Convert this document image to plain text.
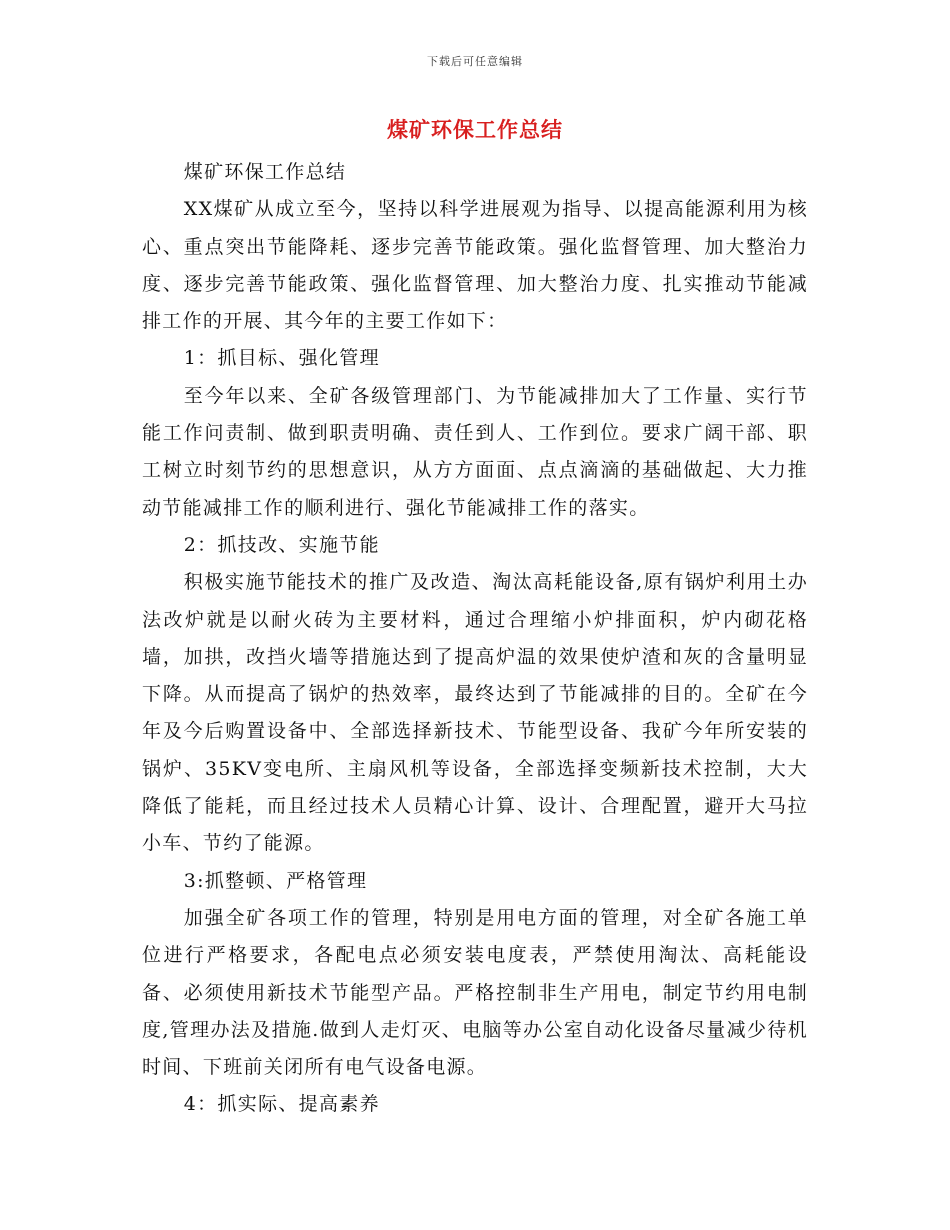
下载后可任意编辑
煤矿环保工作总结

煤矿环保工作总结

XX煤矿从成立至今，坚持以科学进展观为指导、以提高能源利用为核心、重点突出节能降耗、逐步完善节能政策。强化监督管理、加大整治力度、逐步完善节能政策、强化监督管理、加大整治力度、扎实推动节能减排工作的开展、其今年的主要工作如下：

1：抓目标、强化管理

至今年以来、全矿各级管理部门、为节能减排加大了工作量、实行节能工作问责制、做到职责明确、责任到人、工作到位。要求广阔干部、职工树立时刻节约的思想意识，从方方面面、点点滴滴的基础做起、大力推动节能减排工作的顺利进行、强化节能减排工作的落实。

2：抓技改、实施节能

积极实施节能技术的推广及改造、淘汰高耗能设备,原有锅炉利用土办法改炉就是以耐火砖为主要材料，通过合理缩小炉排面积，炉内砌花格墙，加拱，改挡火墙等措施达到了提高炉温的效果使炉渣和灰的含量明显下降。从而提高了锅炉的热效率，最终达到了节能减排的目的。全矿在今年及今后购置设备中、全部选择新技术、节能型设备、我矿今年所安装的锅炉、35KV变电所、主扇风机等设备，全部选择变频新技术控制，大大降低了能耗，而且经过技术人员精心计算、设计、合理配置，避开大马拉小车、节约了能源。

3:抓整顿、严格管理

加强全矿各项工作的管理，特别是用电方面的管理，对全矿各施工单位进行严格要求，各配电点必须安装电度表，严禁使用淘汰、高耗能设备、必须使用新技术节能型产品。严格控制非生产用电，制定节约用电制度,管理办法及措施.做到人走灯灭、电脑等办公室自动化设备尽量减少待机时间、下班前关闭所有电气设备电源。

4：抓实际、提高素养
